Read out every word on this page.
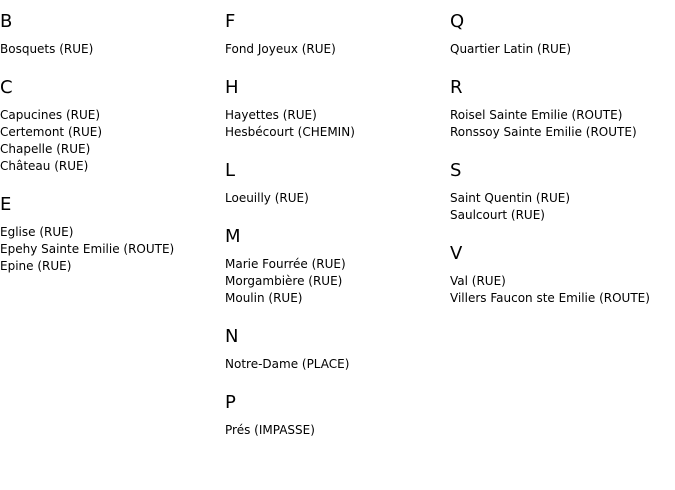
B
Bosquets (RUE)
C
Capucines (RUE)
Certemont (RUE)
Chapelle (RUE)
Château (RUE)
E
Eglise (RUE)
Epehy Sainte Emilie (ROUTE)
Epine (RUE)
F
Fond Joyeux (RUE)
H
Hayettes (RUE)
Hesbécourt (CHEMIN)
L
Loeuilly (RUE)
M
Marie Fourrée (RUE)
Morgambière (RUE)
Moulin (RUE)
N
Notre-Dame (PLACE)
P
Prés (IMPASSE)
Q
Quartier Latin (RUE)
R
Roisel Sainte Emilie (ROUTE)
Ronssoy Sainte Emilie (ROUTE)
S
Saint Quentin (RUE)
Saulcourt (RUE)
V
Val (RUE)
Villers Faucon ste Emilie (ROUTE)
